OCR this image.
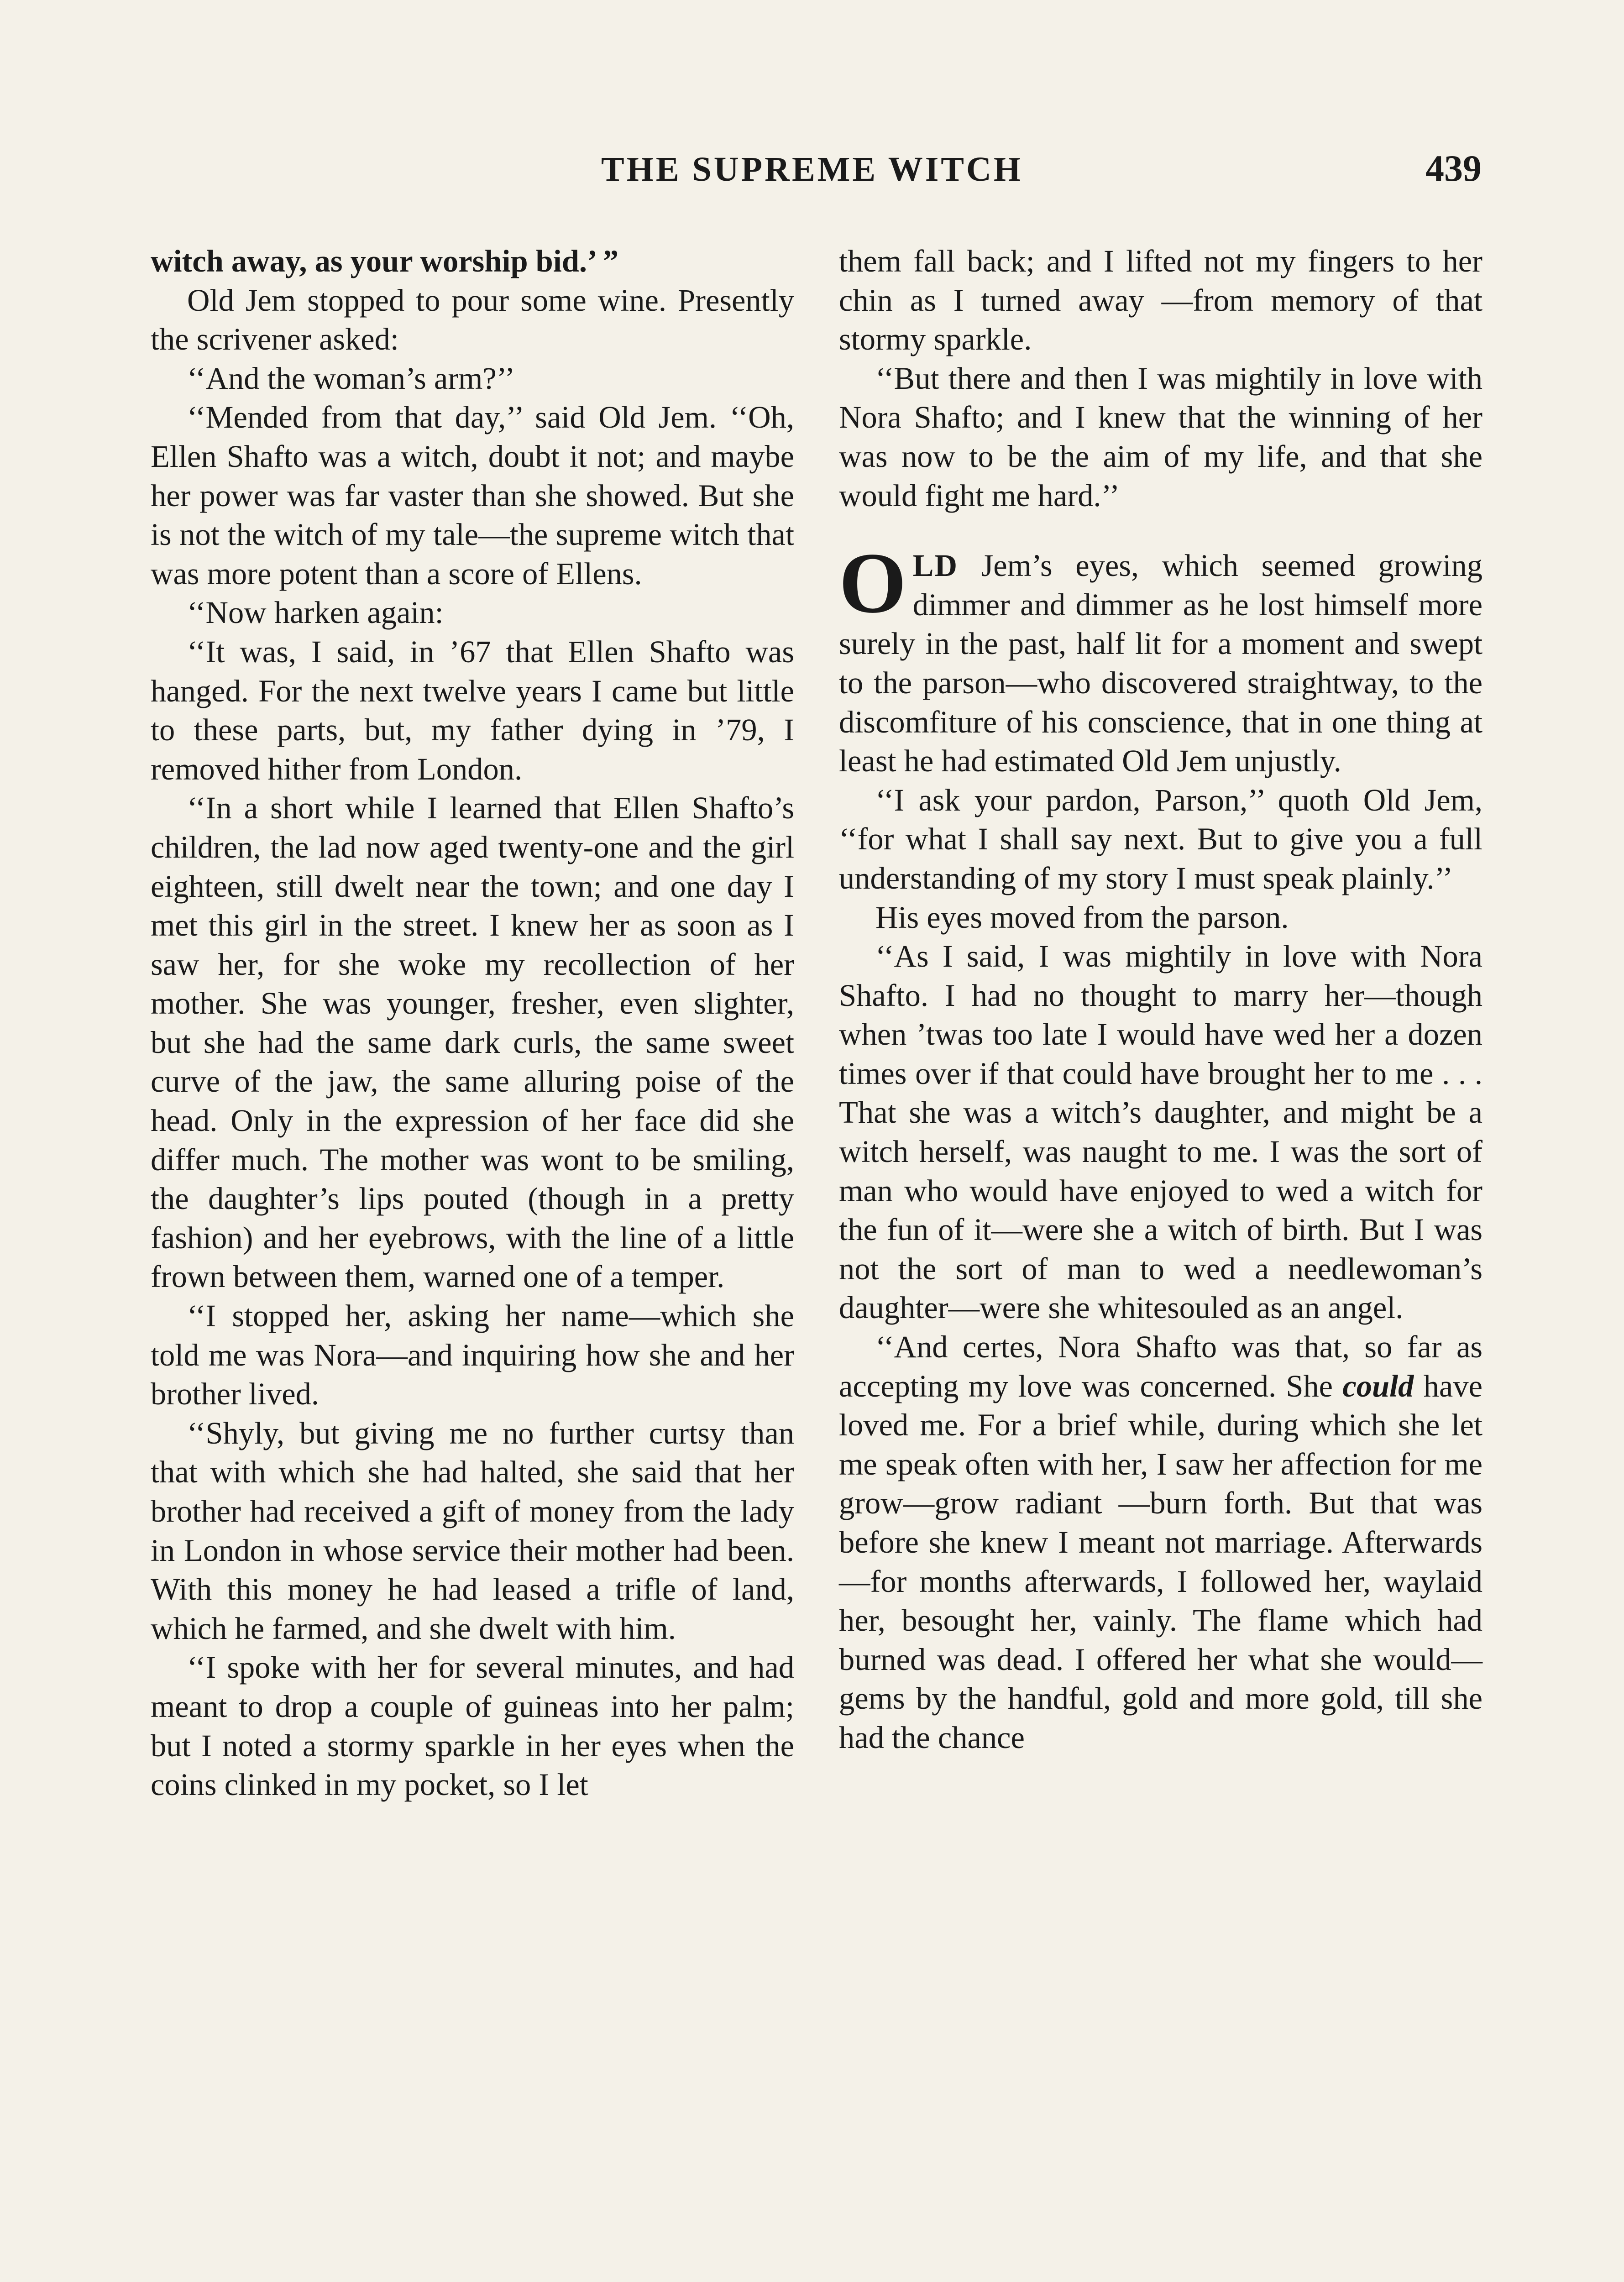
THE SUPREME WITCH	439

witch away, as your worship bid.’ ”

Old Jem stopped to pour some wine. Presently the scrivener asked:

‘‘And the woman’s arm?’’

‘‘Mended from that day,’’ said Old Jem. ‘‘Oh, Ellen Shafto was a witch, doubt it not; and maybe her power was far vaster than she showed. But she is not the witch of my tale—the supreme witch that was more potent than a score of Ellens.

‘‘Now harken again:

‘‘It was, I said, in ’67 that Ellen Shafto was hanged. For the next twelve years I came but little to these parts, but, my father dying in ’79, I removed hither from London.

‘‘In a short while I learned that Ellen Shafto’s children, the lad now aged twenty-one and the girl eighteen, still dwelt near the town; and one day I met this girl in the street. I knew her as soon as I saw her, for she woke my recollection of her mother. She was younger, fresher, even slighter, but she had the same dark curls, the same sweet curve of the jaw, the same alluring poise of the head. Only in the expression of her face did she differ much. The mother was wont to be smiling, the daughter’s lips pouted (though in a pretty fashion) and her eyebrows, with the line of a little frown between them, warned one of a temper.

‘‘I stopped her, asking her name—which she told me was Nora—and inquiring how she and her brother lived.

‘‘Shyly, but giving me no further curtsy than that with which she had halted, she said that her brother had received a gift of money from the lady in London in whose service their mother had been. With this money he had leased a trifle of land, which he farmed, and she dwelt with him.

‘‘I spoke with her for several minutes, and had meant to drop a couple of guineas into her palm; but I noted a stormy sparkle in her eyes when the coins clinked in my pocket, so I let

them fall back; and I lifted not my fingers to her chin as I turned away —from memory of that stormy sparkle.

‘‘But there and then I was mightily in love with Nora Shafto; and I knew that the winning of her was now to be the aim of my life, and that she would fight me hard.’’

OLD Jem’s eyes, which seemed growing dimmer and dimmer as he lost himself more surely in the past, half lit for a moment and swept to the parson—who discovered straightway, to the discomfiture of his conscience, that in one thing at least he had estimated Old Jem unjustly.

‘‘I ask your pardon, Parson,’’ quoth Old Jem, ‘‘for what I shall say next. But to give you a full understanding of my story I must speak plainly.’’

His eyes moved from the parson.

‘‘As I said, I was mightily in love with Nora Shafto. I had no thought to marry her—though when ’twas too late I would have wed her a dozen times over if that could have brought her to me . . . That she was a witch’s daughter, and might be a witch herself, was naught to me. I was the sort of man who would have enjoyed to wed a witch for the fun of it—were she a witch of birth. But I was not the sort of man to wed a needlewoman’s daughter—were she whitesouled as an angel.

‘‘And certes, Nora Shafto was that, so far as accepting my love was concerned. She could have loved me. For a brief while, during which she let me speak often with her, I saw her affection for me grow—grow radiant —burn forth. But that was before she knew I meant not marriage. Afterwards—for months afterwards, I followed her, waylaid her, besought her, vainly. The flame which had burned was dead. I offered her what she would—gems by the handful, gold and more gold, till she had the chance
